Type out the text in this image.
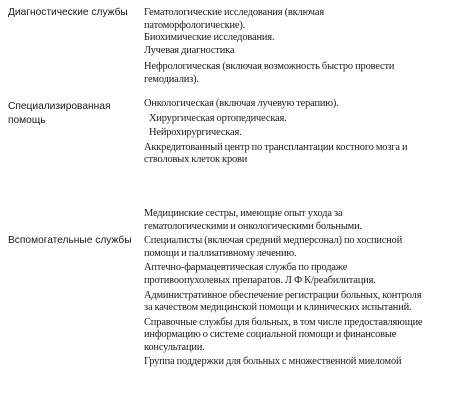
Диагностические службы	Гематологические исследования (включая патоморфологические).
Биохимические исследования.
Лучевая диагностика
Нефрологическая (включая возможность быстро провести гемодиализ).
Специализированная помощь
Онкологическая (включая лучевую терапию).
Хирургическая ортопедическая.
Нейрохирургическая.
Аккредитованный центр по трансплантации костного мозга и стволовых клеток крови
Вспомогательные службы
Медицинские сестры, имеющие опыт ухода за гематологическими и онкологическими больными.
Специалисты (включая средний медперсонал) по хосписной помощи и паллиативному лечению.
Аптечно-фармацевтическая служба по продаже противоопухолевых препаратов. Л Ф К/реабилитация.
Административное обеспечение регистрации больных, контроля за качеством медицинской помощи и клинических испытаний.
Справочные службы для больных, в том числе предоставляющие информацию о системе социальной помощи и финансовые консультации.
Группа поддержки для больных с множественной миеломой
